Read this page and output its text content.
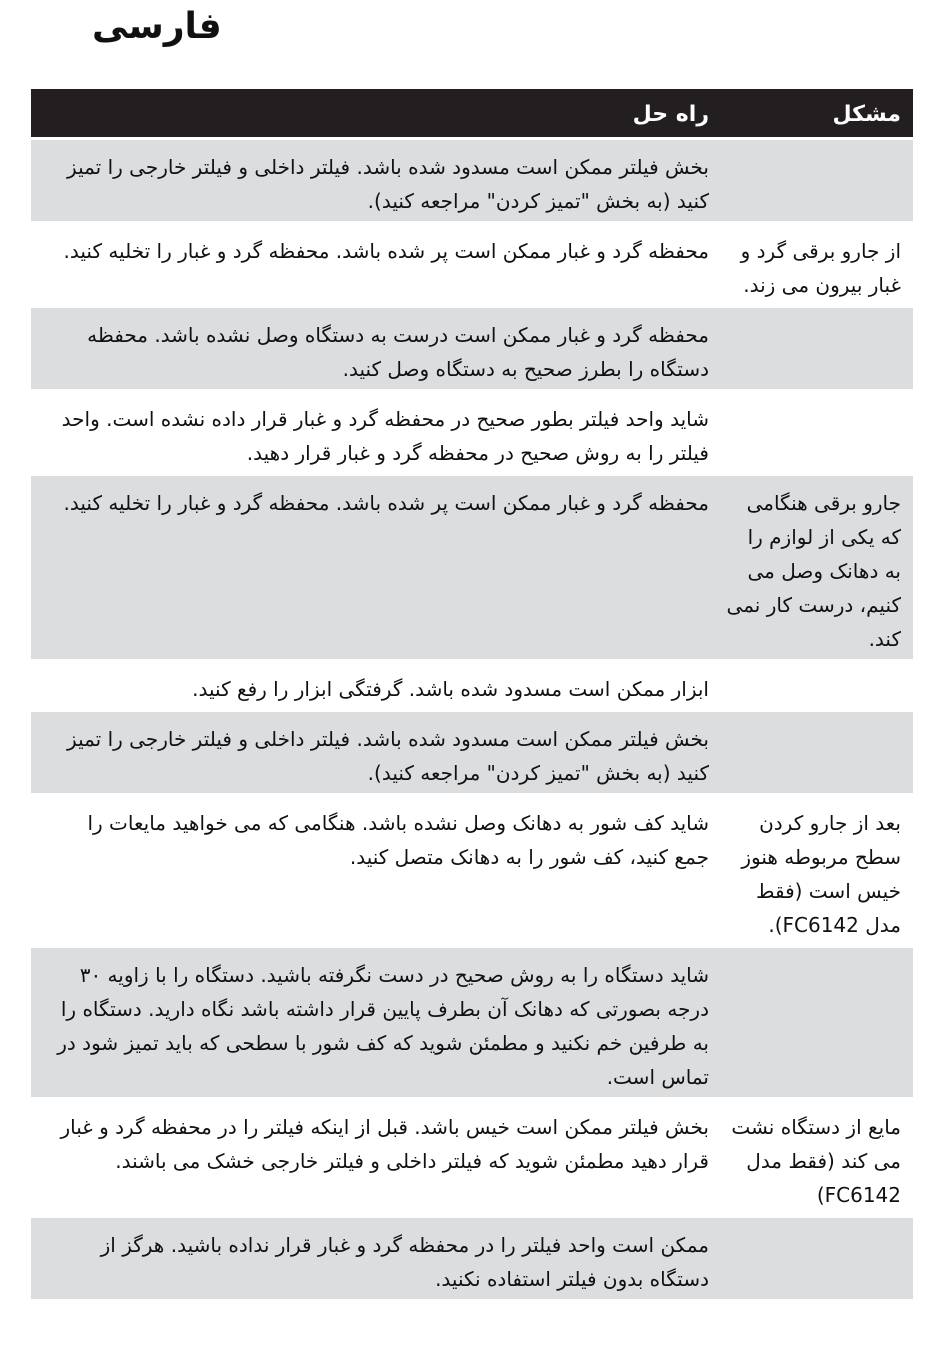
فارسی
مشکل
راه حل
بخش فیلتر ممکن است مسدود شده باشد. فیلتر داخلی و فیلتر خارجی را تمیز کنید (به بخش "تمیز کردن" مراجعه کنید).
از جارو برقی گرد و غبار بیرون می زند.
محفظه گرد و غبار ممکن است پر شده باشد. محفظه گرد و غبار را تخلیه کنید.
محفظه گرد و غبار ممکن است درست به دستگاه وصل نشده باشد. محفظه دستگاه را بطرز صحیح به دستگاه وصل کنید.
شاید واحد فیلتر بطور صحیح در محفظه گرد و غبار قرار داده نشده است. واحد فیلتر را به روش صحیح در محفظه گرد و غبار قرار دهید.
جارو برقی هنگامی که یکی از لوازم را به دهانک وصل می کنیم، درست کار نمی کند.
محفظه گرد و غبار ممکن است پر شده باشد. محفظه گرد و غبار را تخلیه کنید.
ابزار ممکن است مسدود شده باشد. گرفتگی ابزار را رفع کنید.
بخش فیلتر ممکن است مسدود شده باشد. فیلتر داخلی و فیلتر خارجی را تمیز کنید (به بخش "تمیز کردن" مراجعه کنید).
بعد از جارو کردن سطح مربوطه هنوز خیس است (فقط مدل FC6142).
شاید کف شور به دهانک وصل نشده باشد. هنگامی که می خواهید مایعات را جمع کنید، کف شور را به دهانک متصل کنید.
شاید دستگاه را به روش صحیح در دست نگرفته باشید. دستگاه را با زاویه ۳۰ درجه بصورتی که دهانک آن بطرف پایین قرار داشته باشد نگاه دارید. دستگاه را به طرفین خم نکنید و مطمئن شوید که کف شور با سطحی که باید تمیز شود در تماس است.
مایع از دستگاه نشت می کند (فقط مدل FC6142)
بخش فیلتر ممکن است خیس باشد. قبل از اینکه فیلتر را در محفظه گرد و غبار قرار دهید مطمئن شوید که فیلتر داخلی و فیلتر خارجی خشک می باشند.
ممکن است واحد فیلتر را در محفظه گرد و غبار قرار نداده باشید. هرگز از دستگاه بدون فیلتر استفاده نکنید.
